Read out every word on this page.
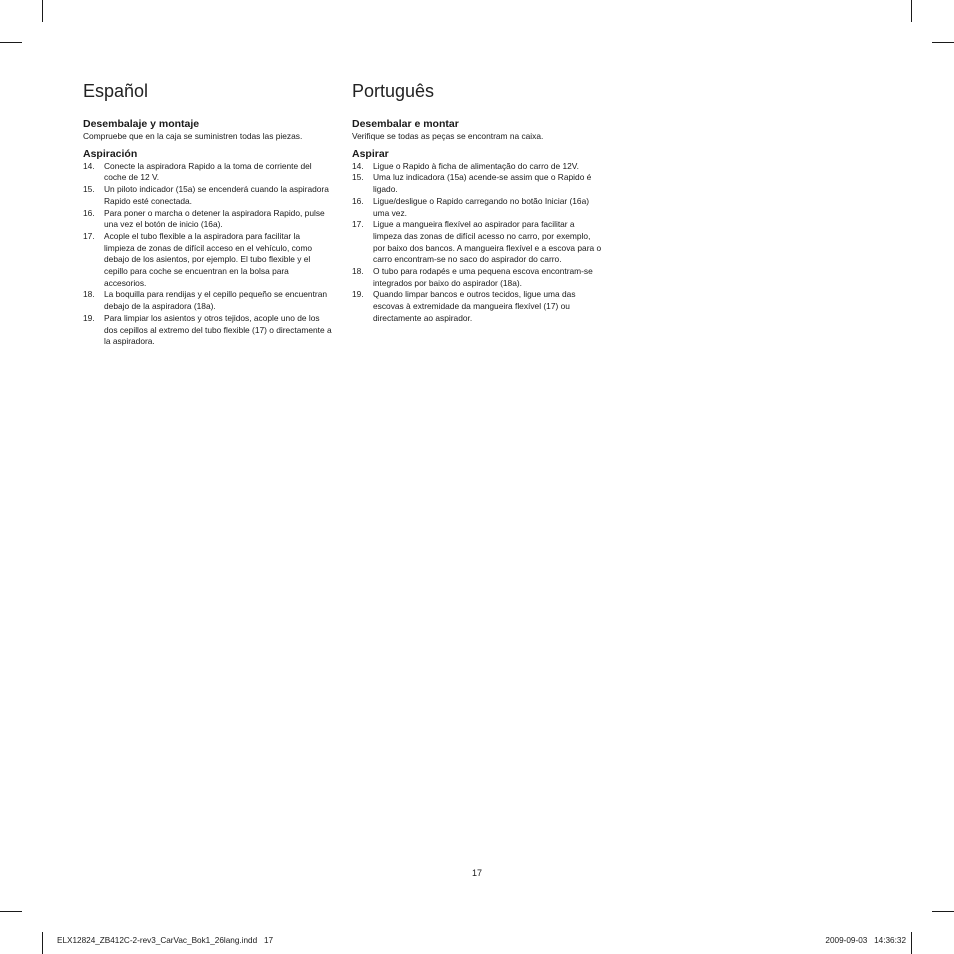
Español
Desembalaje y montaje

Compruebe que en la caja se suministren todas las piezas.

Aspiración
14.	Conecte la aspiradora Rapido a la toma de corriente del coche de 12 V.
15.	Un piloto indicador (15a) se encenderá cuando la aspiradora Rapido esté conectada.
16.	Para poner o marcha o detener la aspiradora Rapido, pulse una vez el botón de inicio (16a).
17.	Acople el tubo flexible a la aspiradora para facilitar la limpieza de zonas de difícil acceso en el vehículo, como debajo de los asientos, por ejemplo. El tubo flexible y el cepillo para coche se encuentran en la bolsa para accesorios.
18.	La boquilla para rendijas y el cepillo pequeño se encuentran debajo de la aspiradora (18a).
19.	Para limpiar los asientos y otros tejidos, acople uno de los dos cepillos al extremo del tubo flexible (17) o directamente a la aspiradora.
Português
Desembalar e montar

Verifique se todas as peças se encontram na caixa.

Aspirar
14.	Ligue o Rapido à ficha de alimentação do carro de 12V.
15.	Uma luz indicadora (15a) acende-se assim que o Rapido é ligado.
16.	Ligue/desligue o Rapido carregando no botão Iniciar (16a) uma vez.
17.	Ligue a mangueira flexível ao aspirador para facilitar a limpeza das zonas de difícil acesso no carro, por exemplo, por baixo dos bancos. A mangueira flexível e a escova para o carro encontram-se no saco do aspirador do carro.
18.	O tubo para rodapés e uma pequena escova encontram-se integrados por baixo do aspirador (18a).
19.	Quando limpar bancos e outros tecidos, ligue uma das escovas à extremidade da mangueira flexível (17) ou directamente ao aspirador.
17
ELX12824_ZB412C-2-rev3_CarVac_Bok1_26lang.indd   17	2009-09-03   14:36:32
